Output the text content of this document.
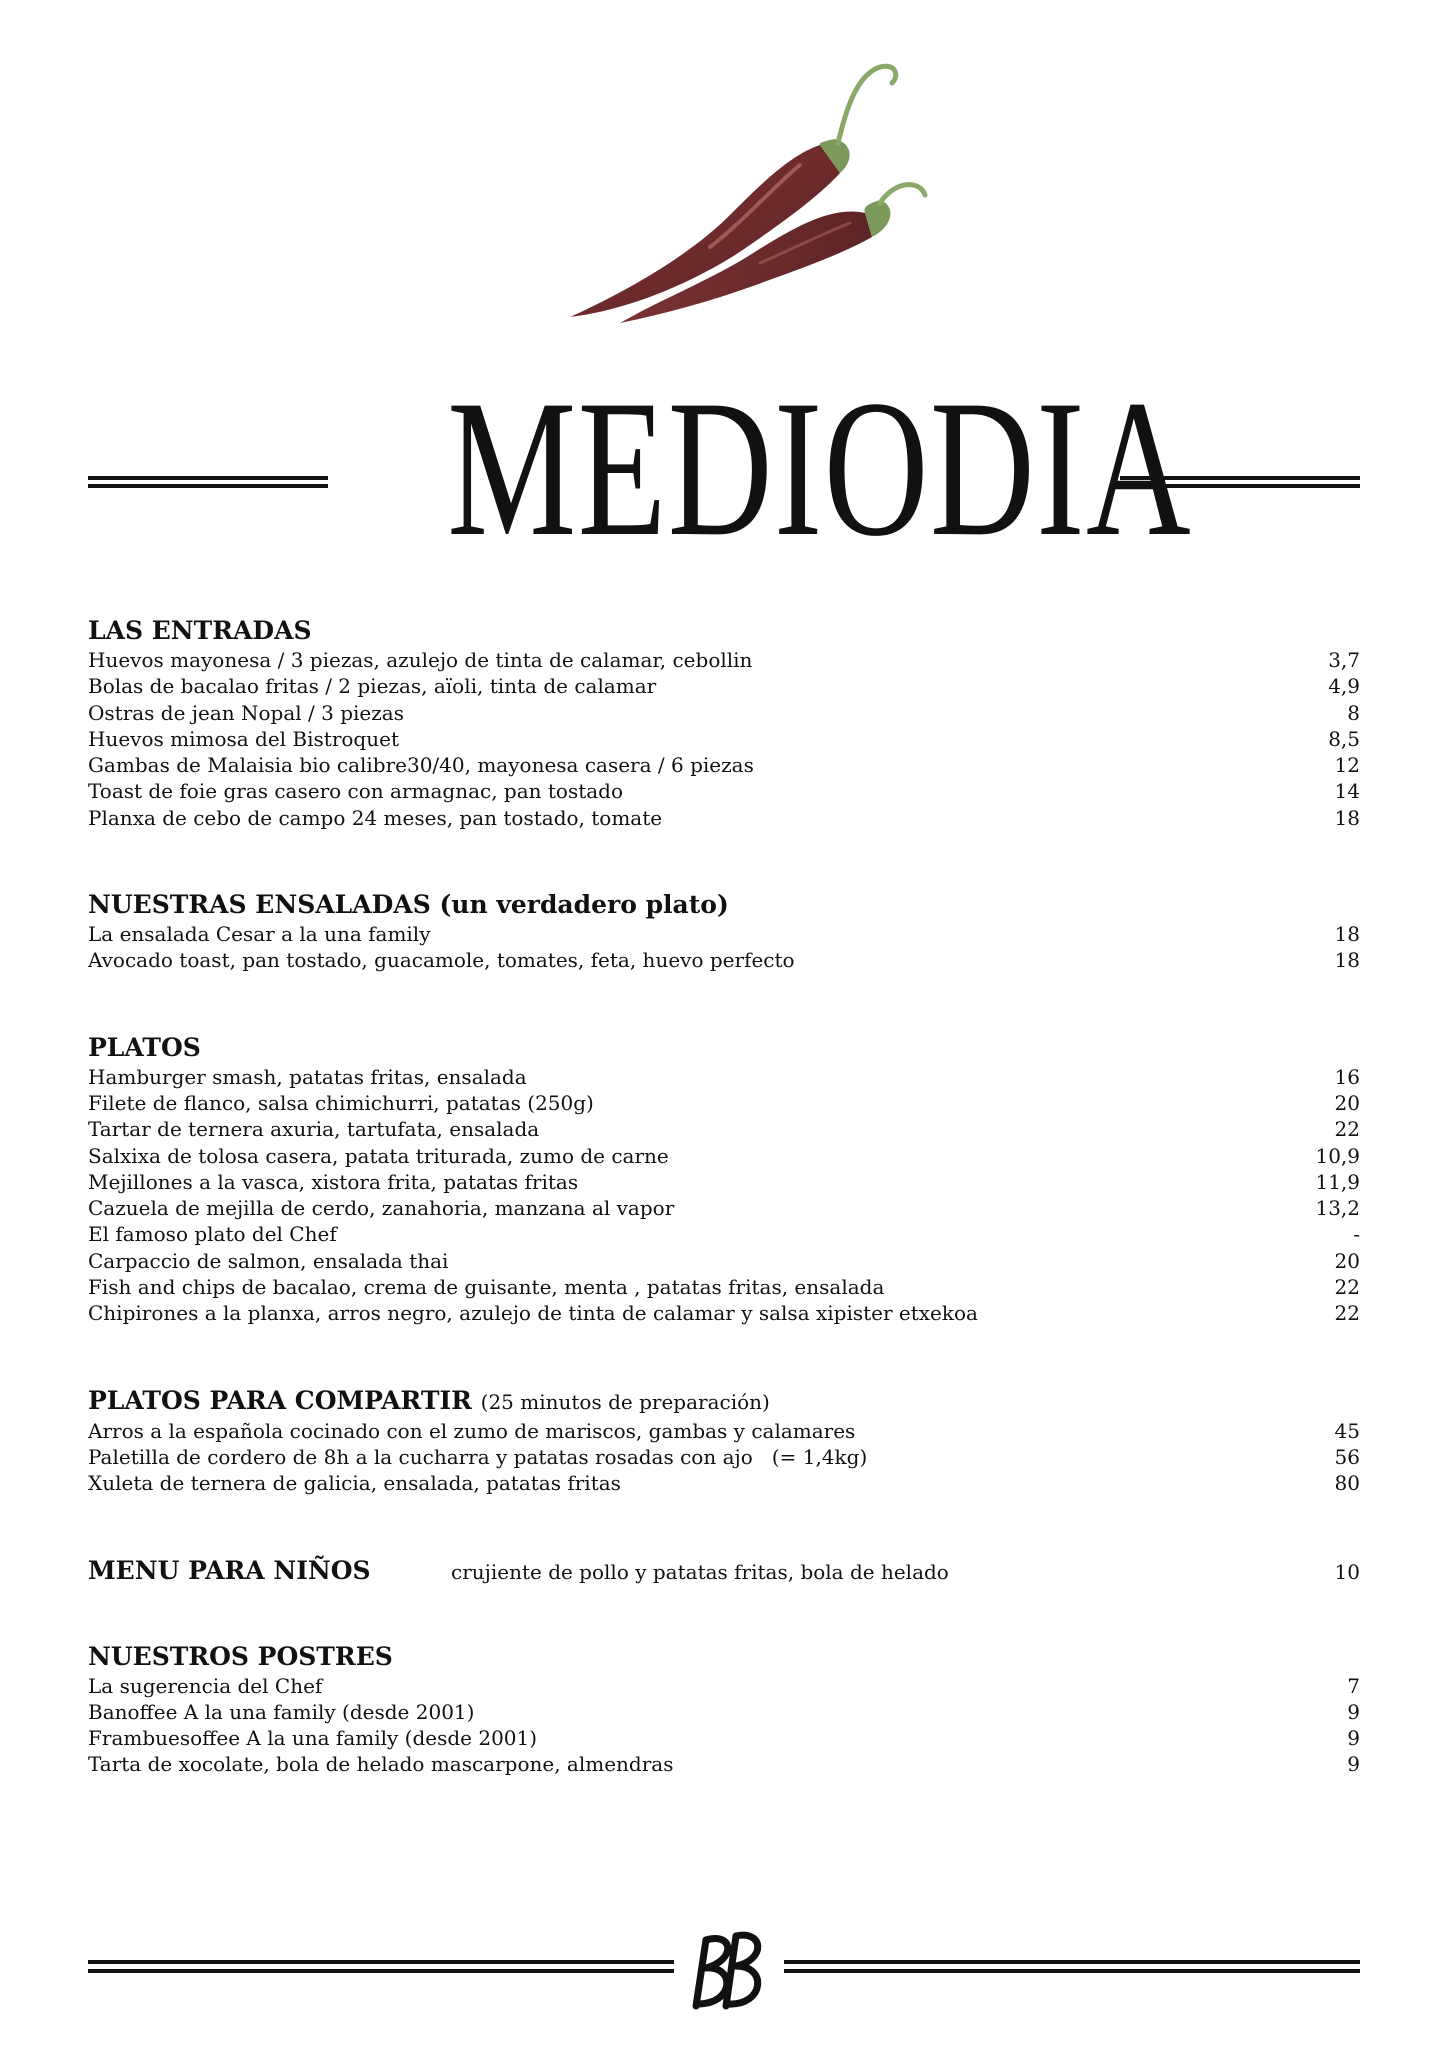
MEDIODIA
LAS ENTRADAS
Huevos mayonesa / 3 piezas, azulejo de tinta de calamar, cebollin	3,7
Bolas de bacalao fritas / 2 piezas, aïoli, tinta de calamar	4,9
Ostras de jean Nopal / 3 piezas	8
Huevos mimosa del Bistroquet	8,5
Gambas de Malaisia bio calibre30/40, mayonesa casera / 6 piezas	12
Toast de foie gras casero con armagnac, pan tostado	14
Planxa de cebo de campo 24 meses, pan tostado, tomate	18
NUESTRAS ENSALADAS (un verdadero plato)
La ensalada Cesar a la una family	18
Avocado toast, pan tostado, guacamole, tomates, feta, huevo perfecto	18
PLATOS
Hamburger smash, patatas fritas, ensalada	16
Filete de flanco, salsa chimichurri, patatas (250g)	20
Tartar de ternera axuria, tartufata, ensalada	22
Salxixa de tolosa casera, patata triturada, zumo de carne	10,9
Mejillones a la vasca, xistora frita, patatas fritas	11,9
Cazuela de mejilla de cerdo, zanahoria, manzana al vapor	13,2
El famoso plato del Chef	-
Carpaccio de salmon, ensalada thai	20
Fish and chips de bacalao, crema de guisante, menta , patatas fritas, ensalada	22
Chipirones a la planxa, arros negro, azulejo de tinta de calamar y salsa xipister etxekoa	22
PLATOS PARA COMPARTIR (25 minutos de preparación)
Arros a la española cocinado con el zumo de mariscos, gambas y calamares	45
Paletilla de cordero de 8h a la cucharra y patatas rosadas con ajo   (= 1,4kg)	56
Xuleta de ternera de galicia, ensalada, patatas fritas	80
MENU PARA NIÑOS	crujiente de pollo y patatas fritas, bola de helado	10
NUESTROS POSTRES
La sugerencia del Chef	7
Banoffee A la una family (desde 2001)	9
Frambuesoffee A la una family (desde 2001)	9
Tarta de xocolate, bola de helado mascarpone, almendras	9
